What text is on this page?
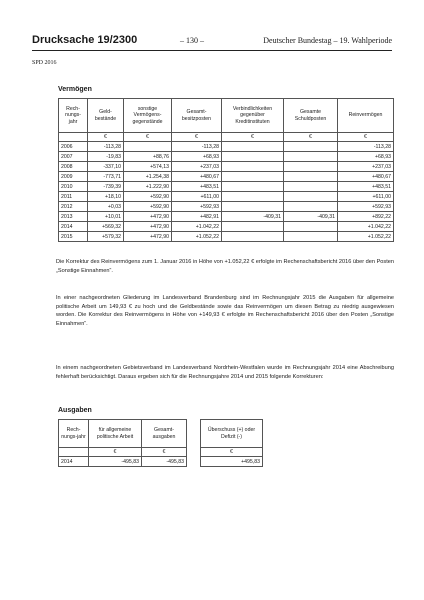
Drucksache 19/2300	– 130 –	Deutscher Bundestag – 19. Wahlperiode
SPD 2016
Vermögen
Rech-nungs-jahr	Geld-bestände	sonstige Vermögens-gegenstände	Gesamt-besitzposten	Verbindlichkeiten gegenüber Kreditinstituten	Gesamte Schuldposten	Reinvermögen
	€	€	€	€	€	€
2006	-113,28		-113,28			-113,28
2007	-19,83	+88,76	+68,93			+68,93
2008	-337,10	+574,13	+237,03			+237,03
2009	-773,71	+1.254,38	+480,67			+480,67
2010	-739,39	+1.222,90	+483,51			+483,51
2011	+18,10	+592,90	+611,00			+611,00
2012	+0,03	+592,90	+592,93			+592,93
2013	+10,01	+472,90	+482,91	-409,31	-409,31	+892,22
2014	+569,32	+472,90	+1.042,22			+1.042,22
2015	+579,32	+472,90	+1.052,22			+1.052,22
Die Korrektur des Reinvermögens zum 1. Januar 2016 in Höhe von +1.052,22 € erfolgte im Rechenschaftsbericht 2016 über den Posten „Sonstige Einnahmen“.
In einer nachgeordneten Gliederung im Landesverband Brandenburg sind im Rechnungsjahr 2015 die Ausgaben für allgemeine politische Arbeit um 149,93 € zu hoch und die Geldbestände sowie das Reinvermögen um diesen Betrag zu niedrig ausgewiesen worden. Die Korrektur des Reinvermögens in Höhe von +149,93 € erfolgte im Rechenschaftsbericht 2016 über den Posten „Sonstige Einnahmen“.
In einem nachgeordneten Gebietsverband im Landesverband Nordrhein-Westfalen wurde im Rechnungsjahr 2014 eine Abschreibung fehlerhaft berücksichtigt. Daraus ergeben sich für die Rechnungsjahre 2014 und 2015 folgende Korrekturen:
Ausgaben
Rech-nungs-jahr	für allgemeine politische Arbeit	Gesamt-ausgaben
	€	€
2014	-495,83	-495,83
Überschuss (+) oder Defizit (-)
€
+495,83
